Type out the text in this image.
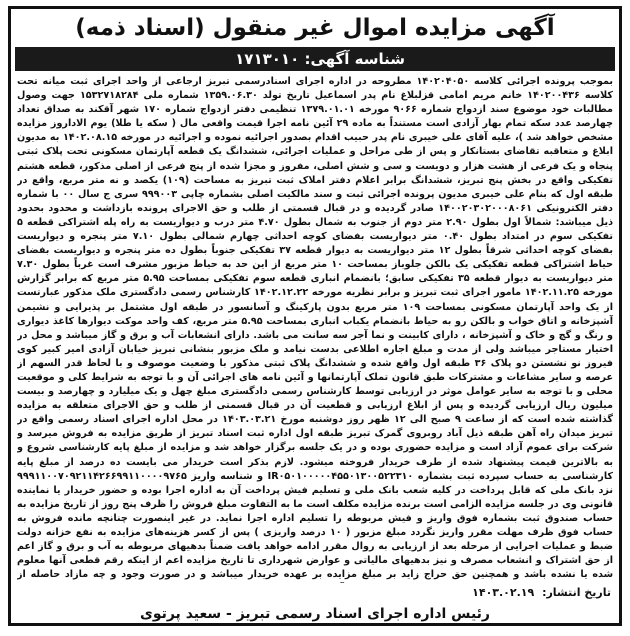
آگهی مزایده اموال غیر منقول (اسناد ذمه)
شناسه آگهی: ۱۷۱۳۰۱۰

بموجب پرونده اجرائی کلاسه ۱۴۰۲۰۴۰۵۰ مطروحه در اداره اجرای اسنادرسمی تبریز ارجاعی از واحد اجرای ثبت میانه تحت کلاسه ۱۴۰۲۰۰۴۳۶ خانم مریم امامی قزلبلاغ نام پدر اسماعیل تاریخ تولد ۱۳۵۹.۰۶.۳۰ شماره ملی ۱۵۳۲۷۱۸۲۸۴ جهت وصول مطالبات خود موضوع سند ازدواج شماره ۹۰۶۶ مورخه ۱۳۷۹.۰۱.۰۱ تنظیمی دفتر ازدواج شماره ۱۷۰ شهر آقکند به صداق تعداد چهارصد عدد سکه تمام بهار آزادی است مستنداً به ماده ۲۹ آئین نامه اجرا قیمت واقعی مال ( سکه یا طلا) یوم الاداروز مزایده مشخص خواهد شد )، علیه آقای علی خیبری نام پدر حبیب اقدام بصدور اجرائیه نموده و اجرائیه در مورخه ۱۴۰۲.۰۸.۱۵ به مدیون ابلاغ و متعاقبه تقاضای بستانکار و پس از طی مراحل و عملیات اجرائی، ششدانگ یک قطعه آپارتمان مسکونی تحت پلاک ثبتی پنجاه و یک فرعی از هشت هزار و دویست و سی و شش اصلی، مفروز و مجزا شده از پنج فرعی از اصلی مذکور، قطعه هشتم تفکیکی واقع در بخش پنج تبریز، ششدانگ برابر اعلام دفتر املاک ثبت تبریز به مساحت (۱۰۹) یکصد و نه متر مربع، واقع در طبقه اول که بنام علی خیبری مدیون پرونده اجرائی ثبت و سند مالکیت اصلی بشماره چاپی ۹۹۹۰۰۳ سری ج سال ۰۰ با شماره دفتر الکترونیکی ۱۴۰۰۲۰۳۰۲۰۰۰۸۰۶۱ صادر گردیده و در قبال قسمتی از طلب و حق الاجرای پرونده بازداشت و محدود بحدود ذیل میباشد: شمالاً اول بطول ۲.۹۰ متر دوم از جنوب به شمال بطول ۴.۷۰ متر درب و دیواریست به راه پله اشتراکی قطعه ۵ تفکیکی سوم در امتداد بطول ۰.۴۰ متر دیواریست بفضای کوچه احداثی چهارم شمالی بطول ۷.۱۰ متر پنجره و دیواریست بفضای کوچه احداثی شرقاً بطول ۱۲ متر دیواریست به دیوار قطعه ۳۷ تفکیکی جنوباً بطول ده متر پنجره و دیواریست بفضای حیاط اشتراکی قطعه تفکیکی یک بالکن جلوباز بمساحت ۱۰ متر مربع از این حد به حیاط مزبور مشرف است غرباً بطول ۷.۳۰ متر دیواریست به دیوار قطعه ۳۵ تفکیکی سابق؛ بانضمام انباری قطعه سوم تفکیکی بمساحت ۵.۹۵ متر مربع که برابر گزارش مورخه ۱۴۰۲.۱۱.۲۵ مامور اجرای ثبت تبریز و برابر نظریه مورخه ۱۴۰۲.۱۲.۲۲ کارشناس رسمی دادگستری ملک مذکور عبارتست از یک واحد آپارتمان مسکونی بمساحت ۱۰۹ متر مربع بدون پارکینگ و آسانسور در طبقه اول مشتمل بر پذیرایی و نشیمن آشپزخانه و اتاق خواب و بالکن رو به حیاط بانضمام یکباب انباری بمساحت ۵.۹۵ متر مربع، کف واحد موکت دیوارها کاغذ دیواری و رنگ و گچ و خاک و آشپزخانه ، دارای کابینت و نما آجر سه سانت می باشد. دارای انشعابات آب و برق و گاز میباشد و محل در اختیار مستاجر میباشد ولی از مدت و مبلغ اجاره اطلاعی بدست نیامد و ملک مزبور بنشانی تبریز خیابان آزادی امیر کبیر کوی فیروز نو نشستن دو پلاک ۳۶ طبقه اول واقع شده و ششدانگ پلاک ثبتی مذکور با وضعیت موصوف و با لحاظ قدر السهم از عرصه و سایر مشاعات و مشترکات طبق قانون تملک آپارتمانها و آئین نامه های اجرائی آن و با توجه به شرایط کلی و موقعیت محلی و با توجه به سایر عوامل موثر در ارزیابی توسط کارشناس رسمی دادگستری مبلغ چهل و یک میلیارد و چهارصد و بیست میلیون ریال ارزیابی گردیده و پس از ابلاغ ارزیابی و قطعیت آن در قبال قسمتی از طلب و حق الاجرای متعلقه به مزایده گذاشته شده است که از ساعت ۹ صبح الی ۱۲ ظهر روز دوشنبه مورخ ۱۴۰۳.۰۳.۲۱ در محل اداره اجرای اسناد رسمی واقع در تبریز میدان راه آهن طبقه ذیل آباد روبروی گمرک تبریز طبقه اول اداره ثبت اسناد تبریز از طریق مزایده به فروش میرسد و شرکت برای عموم آزاد است و مزایده حضوری بوده و در یک جلسه برگزار خواهد شد و مزایده از مبلغ پایه کارشناسی شروع و به بالاترین قیمت پیشنهاد شده از طرف خریدار فروخته میشود. لازم بذکر است خریدار می بایست ده درصد از مبلغ پایه کارشناسی به حساب سپرده ثبت بشماره IR۰۵۰۱۰۰۰۰۰۴۵۵۰۱۳۰۰۵۲۲۳۱۰ و شناسه واریز ۹۹۹۱۱۰۰۷۰۹۲۱۱۴۲۶۶۹۹۱۱۰۰۰۰۹۷۶۵ نزد بانک ملی که قابل پرداخت در کلیه شعب بانک ملی و تسلیم فیش پرداخت آن به اداره اجرا بوده و حضور خریدار یا نماینده قانونی وی در جلسه مزایده الزامی است برنده مزایده مکلف است ما به التفاوت مبلغ فروش را ظرف پنج روز از تاریخ مزایده به حساب صندوق ثبت بشماره فوق واریز و فیش مربوطه را تسلیم اداره اجرا نماید. در غیر اینصورت چنانچه مانده فروش به حساب فوق ظرف مهلت مقرر واریز نگردد مبلغ مزبور ( ۱۰ درصد واریزی ) پس از کسر هزینه‌های مزایده به نفع خزانه دولت ضبط و عملیات اجرایی از مرحله بعد از ارزیابی به روال مقرر ادامه خواهد یافت ضمناً بدهیهای مربوطه به آب و برق و گاز اعم از حق اشتراک و انشعاب مصرف و نیز بدهیهای مالیاتی و عوارض شهرداری تا تاریخ مزایده اعم از اینکه رقم قطعی آنها معلوم شده یا نشده باشد و همچنین حق حراج زاید بر مبلغ مزایده بر عهده خریدار میباشد و در صورت وجود و چه مازاد حاصله از

تاریخ انتشار: ۱۴۰۳.۰۲.۱۹
رئیس اداره اجرای اسناد رسمی تبریز - سعید پرتوی
